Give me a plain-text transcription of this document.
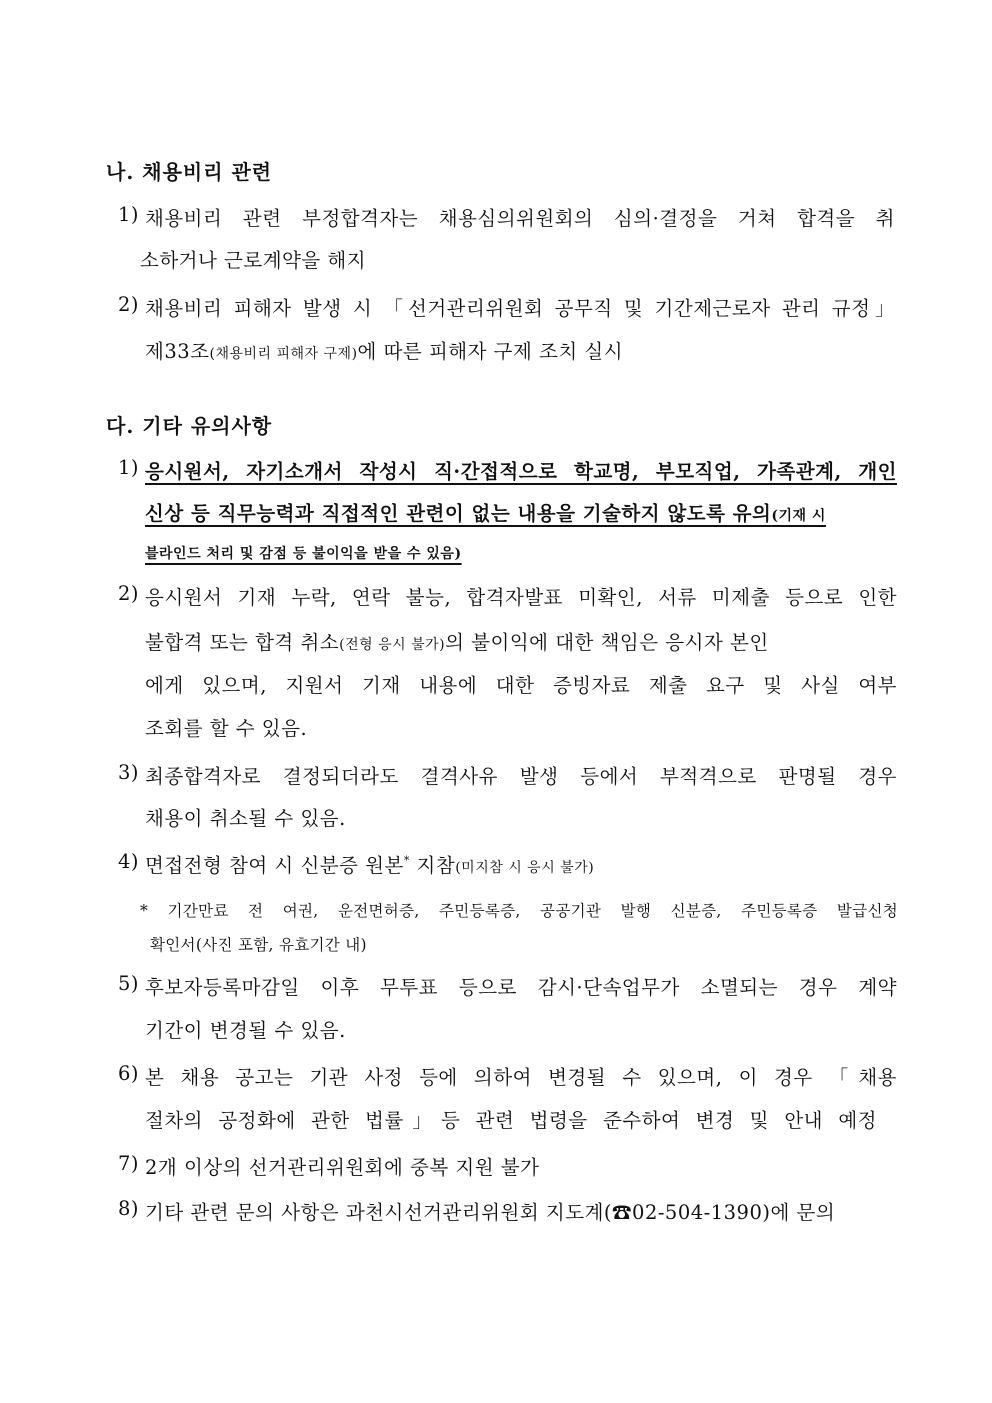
나. 채용비리 관련
1) 채용비리 관련 부정합격자는 채용심의위원회의 심의·결정을 거쳐 합격을 취
소하거나 근로계약을 해지
2) 채용비리 피해자 발생 시 「선거관리위원회 공무직 및 기간제근로자 관리 규정」
제33조(채용비리 피해자 구제)에 따른 피해자 구제 조치 실시
다. 기타 유의사항
1) 응시원서, 자기소개서 작성시 직·간접적으로 학교명, 부모직업, 가족관계, 개인
신상 등 직무능력과 직접적인 관련이 없는 내용을 기술하지 않도록 유의(기재 시
블라인드 처리 및 감점 등 불이익을 받을 수 있음)
2) 응시원서 기재 누락, 연락 불능, 합격자발표 미확인, 서류 미제출 등으로 인한
불합격 또는 합격 취소(전형 응시 불가)의 불이익에 대한 책임은 응시자 본인
에게 있으며, 지원서 기재 내용에 대한 증빙자료 제출 요구 및 사실 여부
조회를 할 수 있음.
3) 최종합격자로 결정되더라도 결격사유 발생 등에서 부적격으로 판명될 경우
채용이 취소될 수 있음.
4) 면접전형 참여 시 신분증 원본* 지참(미지참 시 응시 불가)
* 기간만료 전 여권, 운전면허증, 주민등록증, 공공기관 발행 신분증, 주민등록증 발급신청
확인서(사진 포함, 유효기간 내)
5) 후보자등록마감일 이후 무투표 등으로 감시·단속업무가 소멸되는 경우 계약
기간이 변경될 수 있음.
6) 본 채용 공고는 기관 사정 등에 의하여 변경될 수 있으며, 이 경우 「채용
절차의 공정화에 관한 법률」등 관련 법령을 준수하여 변경 및 안내 예정
7) 2개 이상의 선거관리위원회에 중복 지원 불가
8) 기타 관련 문의 사항은 과천시선거관리위원회 지도계(☎02-504-1390)에 문의
